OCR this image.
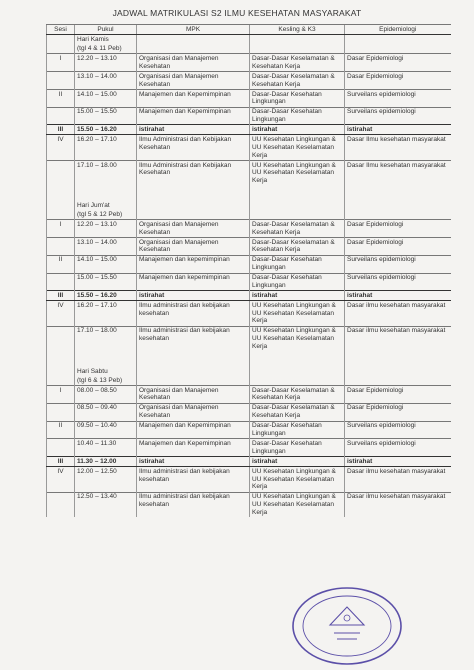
JADWAL MATRIKULASI S2 ILMU KESEHATAN MASYARAKAT
Sesi	Pukul	MPK	Kesling & K3	Epidemiologi
	Hari Kamis			
	(tgl 4 & 11 Peb)			
I	12.20 – 13.10	Organisasi dan Manajemen Kesehatan	Dasar-Dasar Keselamatan & Kesehatan Kerja	Dasar Epidemiologi
	13.10 – 14.00	Organisasi dan Manajemen Kesehatan	Dasar-Dasar Keselamatan & Kesehatan Kerja	Dasar Epidemiologi
II	14.10 – 15.00	Manajemen dan Kepemimpinan	Dasar-Dasar Kesehatan Lingkungan	Surveilans epidemiologi
	15.00 – 15.50	Manajemen dan Kepemimpinan	Dasar-Dasar Kesehatan Lingkungan	Surveilans epidemiologi
III	15.50 – 16.20	istirahat	istirahat	istirahat
IV	16.20 – 17.10	Ilmu Administrasi dan Kebijakan Kesehatan	UU Kesehatan Lingkungan & UU Kesehatan Keselamatan Kerja	Dasar Ilmu kesehatan masyarakat
	17.10 – 18.00	Ilmu Administrasi dan Kebijakan Kesehatan	UU Kesehatan Lingkungan & UU Kesehatan Keselamatan Kerja	Dasar Ilmu kesehatan masyarakat

	Hari Jum'at			
	(tgl 5 & 12 Peb)			
I	12.20 – 13.10	Organisasi dan Manajemen Kesehatan	Dasar-Dasar Keselamatan & Kesehatan Kerja	Dasar Epidemiologi
	13.10 – 14.00	Organisasi dan Manajemen Kesehatan	Dasar-Dasar Keselamatan & Kesehatan Kerja	Dasar Epidemiologi
II	14.10 – 15.00	Manajemen dan kepemimpinan	Dasar-Dasar Kesehatan Lingkungan	Surveilans epidemiologi
	15.00 – 15.50	Manajemen dan kepemimpinan	Dasar-Dasar Kesehatan Lingkungan	Surveilans epidemiologi
III	15.50 – 16.20	istirahat	istirahat	istirahat
IV	16.20 – 17.10	Ilmu administrasi dan kebijakan kesehatan	UU Kesehatan Lingkungan & UU Kesehatan Keselamatan Kerja	Dasar ilmu kesehatan masyarakat
	17.10 – 18.00	Ilmu administrasi dan kebijakan kesehatan	UU Kesehatan Lingkungan & UU Kesehatan Keselamatan Kerja	Dasar ilmu kesehatan masyarakat

	Hari Sabtu			
	(tgl 6 & 13 Peb)			
I	08.00 – 08.50	Organisasi dan Manajemen Kesehatan	Dasar-Dasar Keselamatan & Kesehatan Kerja	Dasar Epidemiologi
	08.50 – 09.40	Organisasi dan Manajemen Kesehatan	Dasar-Dasar Keselamatan & Kesehatan Kerja	Dasar Epidemiologi
II	09.50 – 10.40	Manajemen dan Kepemimpinan	Dasar-Dasar Kesehatan Lingkungan	Surveilans epidemiologi
	10.40 – 11.30	Manajemen dan Kepemimpinan	Dasar-Dasar Kesehatan Lingkungan	Surveilans epidemiologi
III	11.30 – 12.00	istirahat	istirahat	istirahat
IV	12.00 – 12.50	Ilmu administrasi dan kebijakan kesehatan	UU Kesehatan Lingkungan & UU Kesehatan Keselamatan Kerja	Dasar ilmu kesehatan masyarakat
	12.50 – 13.40	Ilmu administrasi dan kebijakan kesehatan	UU Kesehatan Lingkungan & UU Kesehatan Keselamatan Kerja	Dasar ilmu kesehatan masyarakat
